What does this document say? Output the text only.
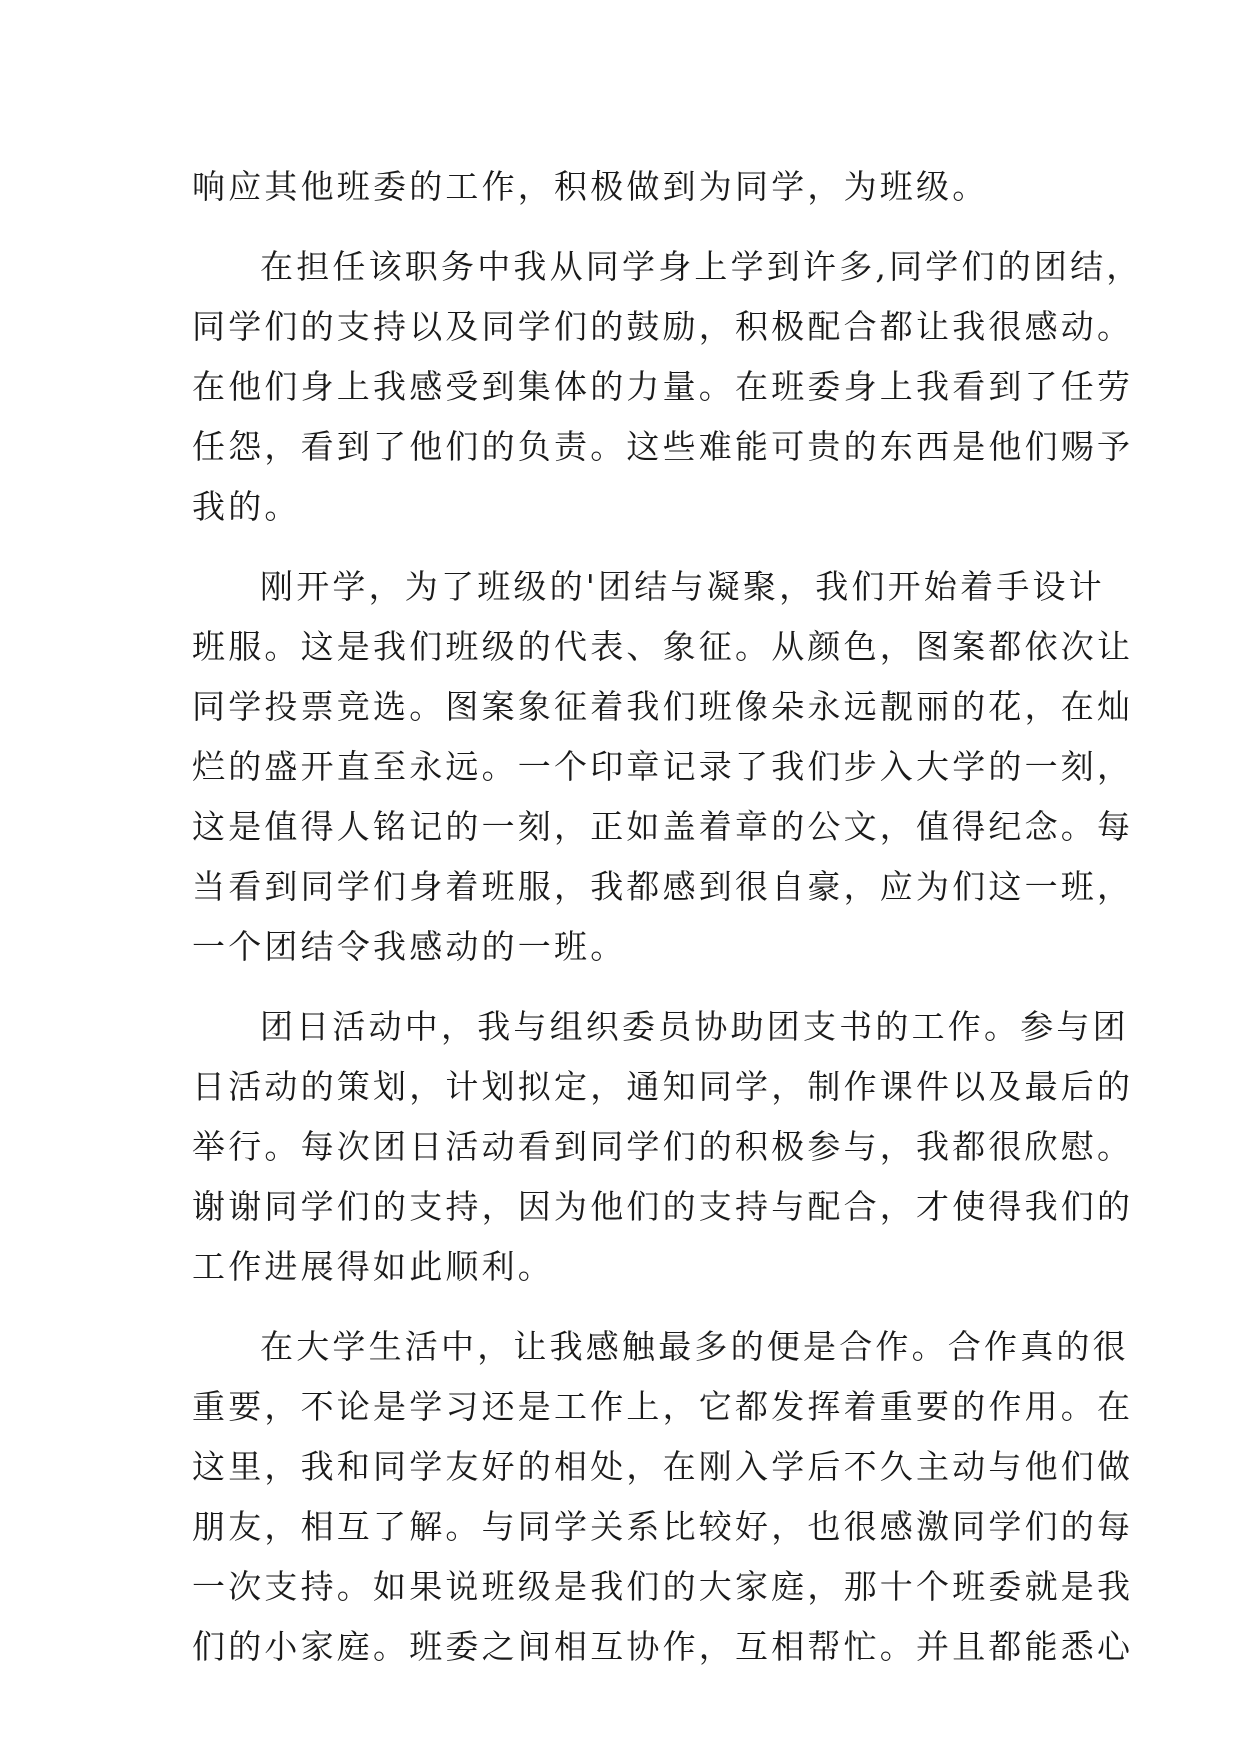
响应其他班委的工作，积极做到为同学，为班级。
在担任该职务中我从同学身上学到许多,同学们的团结，
同学们的支持以及同学们的鼓励，积极配合都让我很感动。
在他们身上我感受到集体的力量。在班委身上我看到了任劳
任怨，看到了他们的负责。这些难能可贵的东西是他们赐予
我的。
刚开学，为了班级的'团结与凝聚，我们开始着手设计
班服。这是我们班级的代表、象征。从颜色，图案都依次让
同学投票竞选。图案象征着我们班像朵永远靓丽的花，在灿
烂的盛开直至永远。一个印章记录了我们步入大学的一刻，
这是值得人铭记的一刻，正如盖着章的公文，值得纪念。每
当看到同学们身着班服，我都感到很自豪，应为们这一班，
一个团结令我感动的一班。
团日活动中，我与组织委员协助团支书的工作。参与团
日活动的策划，计划拟定，通知同学，制作课件以及最后的
举行。每次团日活动看到同学们的积极参与，我都很欣慰。
谢谢同学们的支持，因为他们的支持与配合，才使得我们的
工作进展得如此顺利。
在大学生活中，让我感触最多的便是合作。合作真的很
重要，不论是学习还是工作上，它都发挥着重要的作用。在
这里，我和同学友好的相处，在刚入学后不久主动与他们做
朋友，相互了解。与同学关系比较好，也很感激同学们的每
一次支持。如果说班级是我们的大家庭，那十个班委就是我
们的小家庭。班委之间相互协作，互相帮忙。并且都能悉心
